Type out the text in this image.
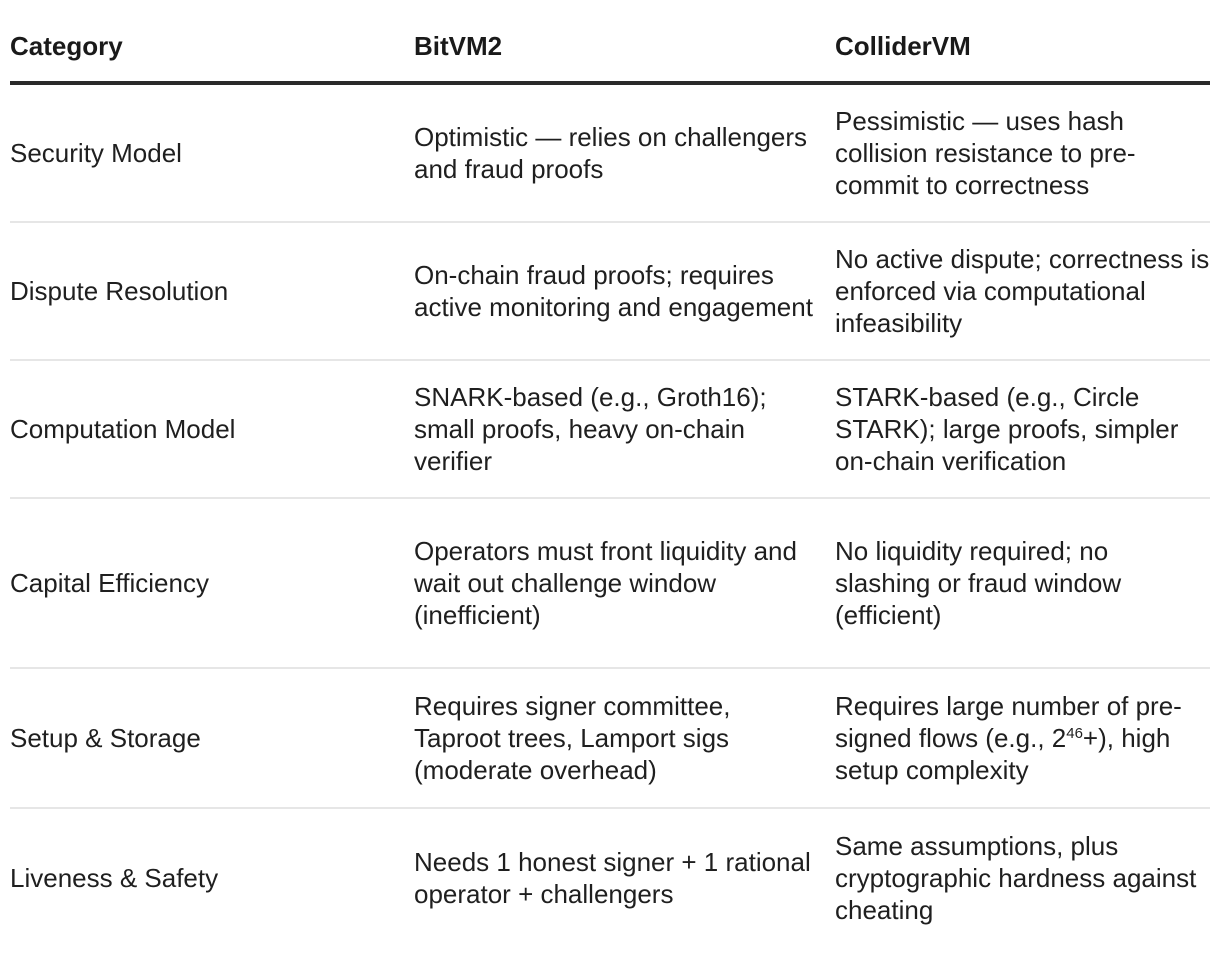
Category	BitVM2	ColliderVM
Security Model
Optimistic — relies on challengers and fraud proofs
Pessimistic — uses hash collision resistance to pre-commit to correctness
Dispute Resolution
On-chain fraud proofs; requires active monitoring and engagement
No active dispute; correctness is enforced via computational infeasibility
Computation Model
SNARK-based (e.g., Groth16); small proofs, heavy on-chain verifier
STARK-based (e.g., Circle STARK); large proofs, simpler on-chain verification
Capital Efficiency
Operators must front liquidity and wait out challenge window (inefficient)
No liquidity required; no slashing or fraud window (efficient)
Setup & Storage
Requires signer committee, Taproot trees, Lamport sigs (moderate overhead)
Requires large number of pre-signed flows (e.g., $2^{46}+$), high setup complexity
Liveness & Safety
Needs 1 honest signer + 1 rational operator + challengers
Same assumptions, plus cryptographic hardness against cheating
